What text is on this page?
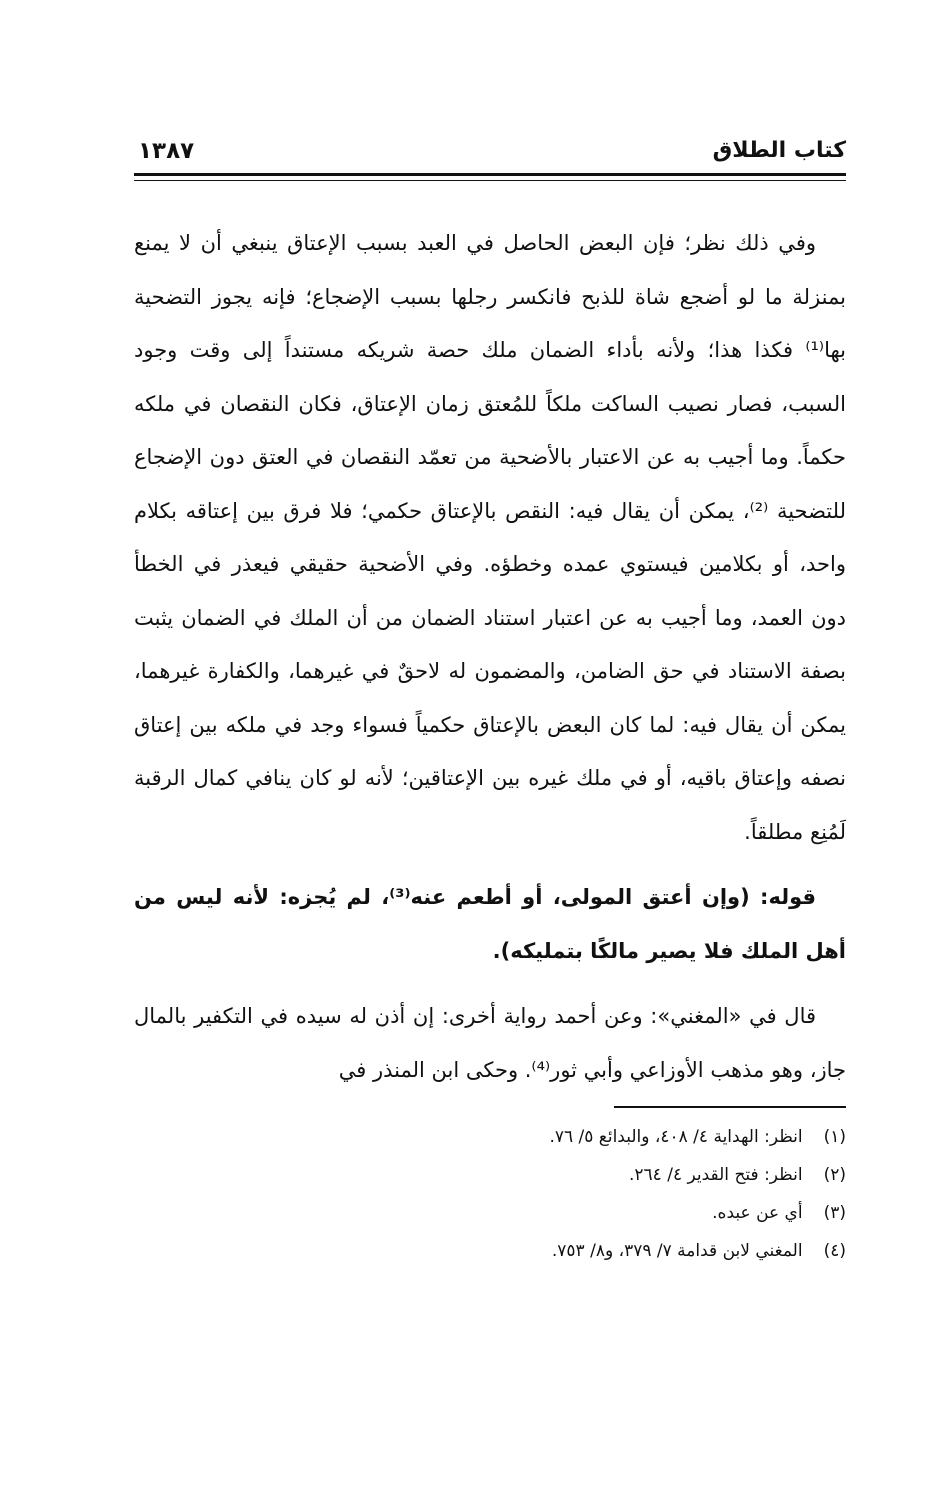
كتاب الطلاق
١٣٨٧

وفي ذلك نظر؛ فإن البعض الحاصل في العبد بسبب الإعتاق ينبغي أن لا يمنع بمنزلة ما لو أضجع شاة للذبح فانكسر رجلها بسبب الإضجاع؛ فإنه يجوز التضحية بها⁽¹⁾ فكذا هذا؛ ولأنه بأداء الضمان ملك حصة شريكه مستنداً إلى وقت وجود السبب، فصار نصيب الساكت ملكاً للمُعتق زمان الإعتاق، فكان النقصان في ملكه حكماً. وما أجيب به عن الاعتبار بالأضحية من تعمّد النقصان في العتق دون الإضجاع للتضحية ⁽²⁾، يمكن أن يقال فيه: النقص بالإعتاق حكمي؛ فلا فرق بين إعتاقه بكلام واحد، أو بكلامين فيستوي عمده وخطؤه. وفي الأضحية حقيقي فيعذر في الخطأ دون العمد، وما أجيب به عن اعتبار استناد الضمان من أن الملك في الضمان يثبت بصفة الاستناد في حق الضامن، والمضمون له لاحقٌ في غيرهما، والكفارة غيرهما، يمكن أن يقال فيه: لما كان البعض بالإعتاق حكمياً فسواء وجد في ملكه بين إعتاق نصفه وإعتاق باقيه، أو في ملك غيره بين الإعتاقين؛ لأنه لو كان ينافي كمال الرقبة لَمُنِع مطلقاً.

قوله: (وإن أعتق المولى، أو أطعم عنه⁽³⁾، لم يُجزه: لأنه ليس من أهل الملك فلا يصير مالكًا بتمليكه).

قال في «المغني»: وعن أحمد رواية أخرى: إن أذن له سيده في التكفير بالمال جاز، وهو مذهب الأوزاعي وأبي ثور⁽⁴⁾. وحكى ابن المنذر في

(١) انظر: الهداية ٤/ ٤٠٨، والبدائع ٥/ ٧٦.
(٢) انظر: فتح القدير ٤/ ٢٦٤.
(٣) أي عن عبده.
(٤) المغني لابن قدامة ٧/ ٣٧٩، و٨/ ٧٥٣.
